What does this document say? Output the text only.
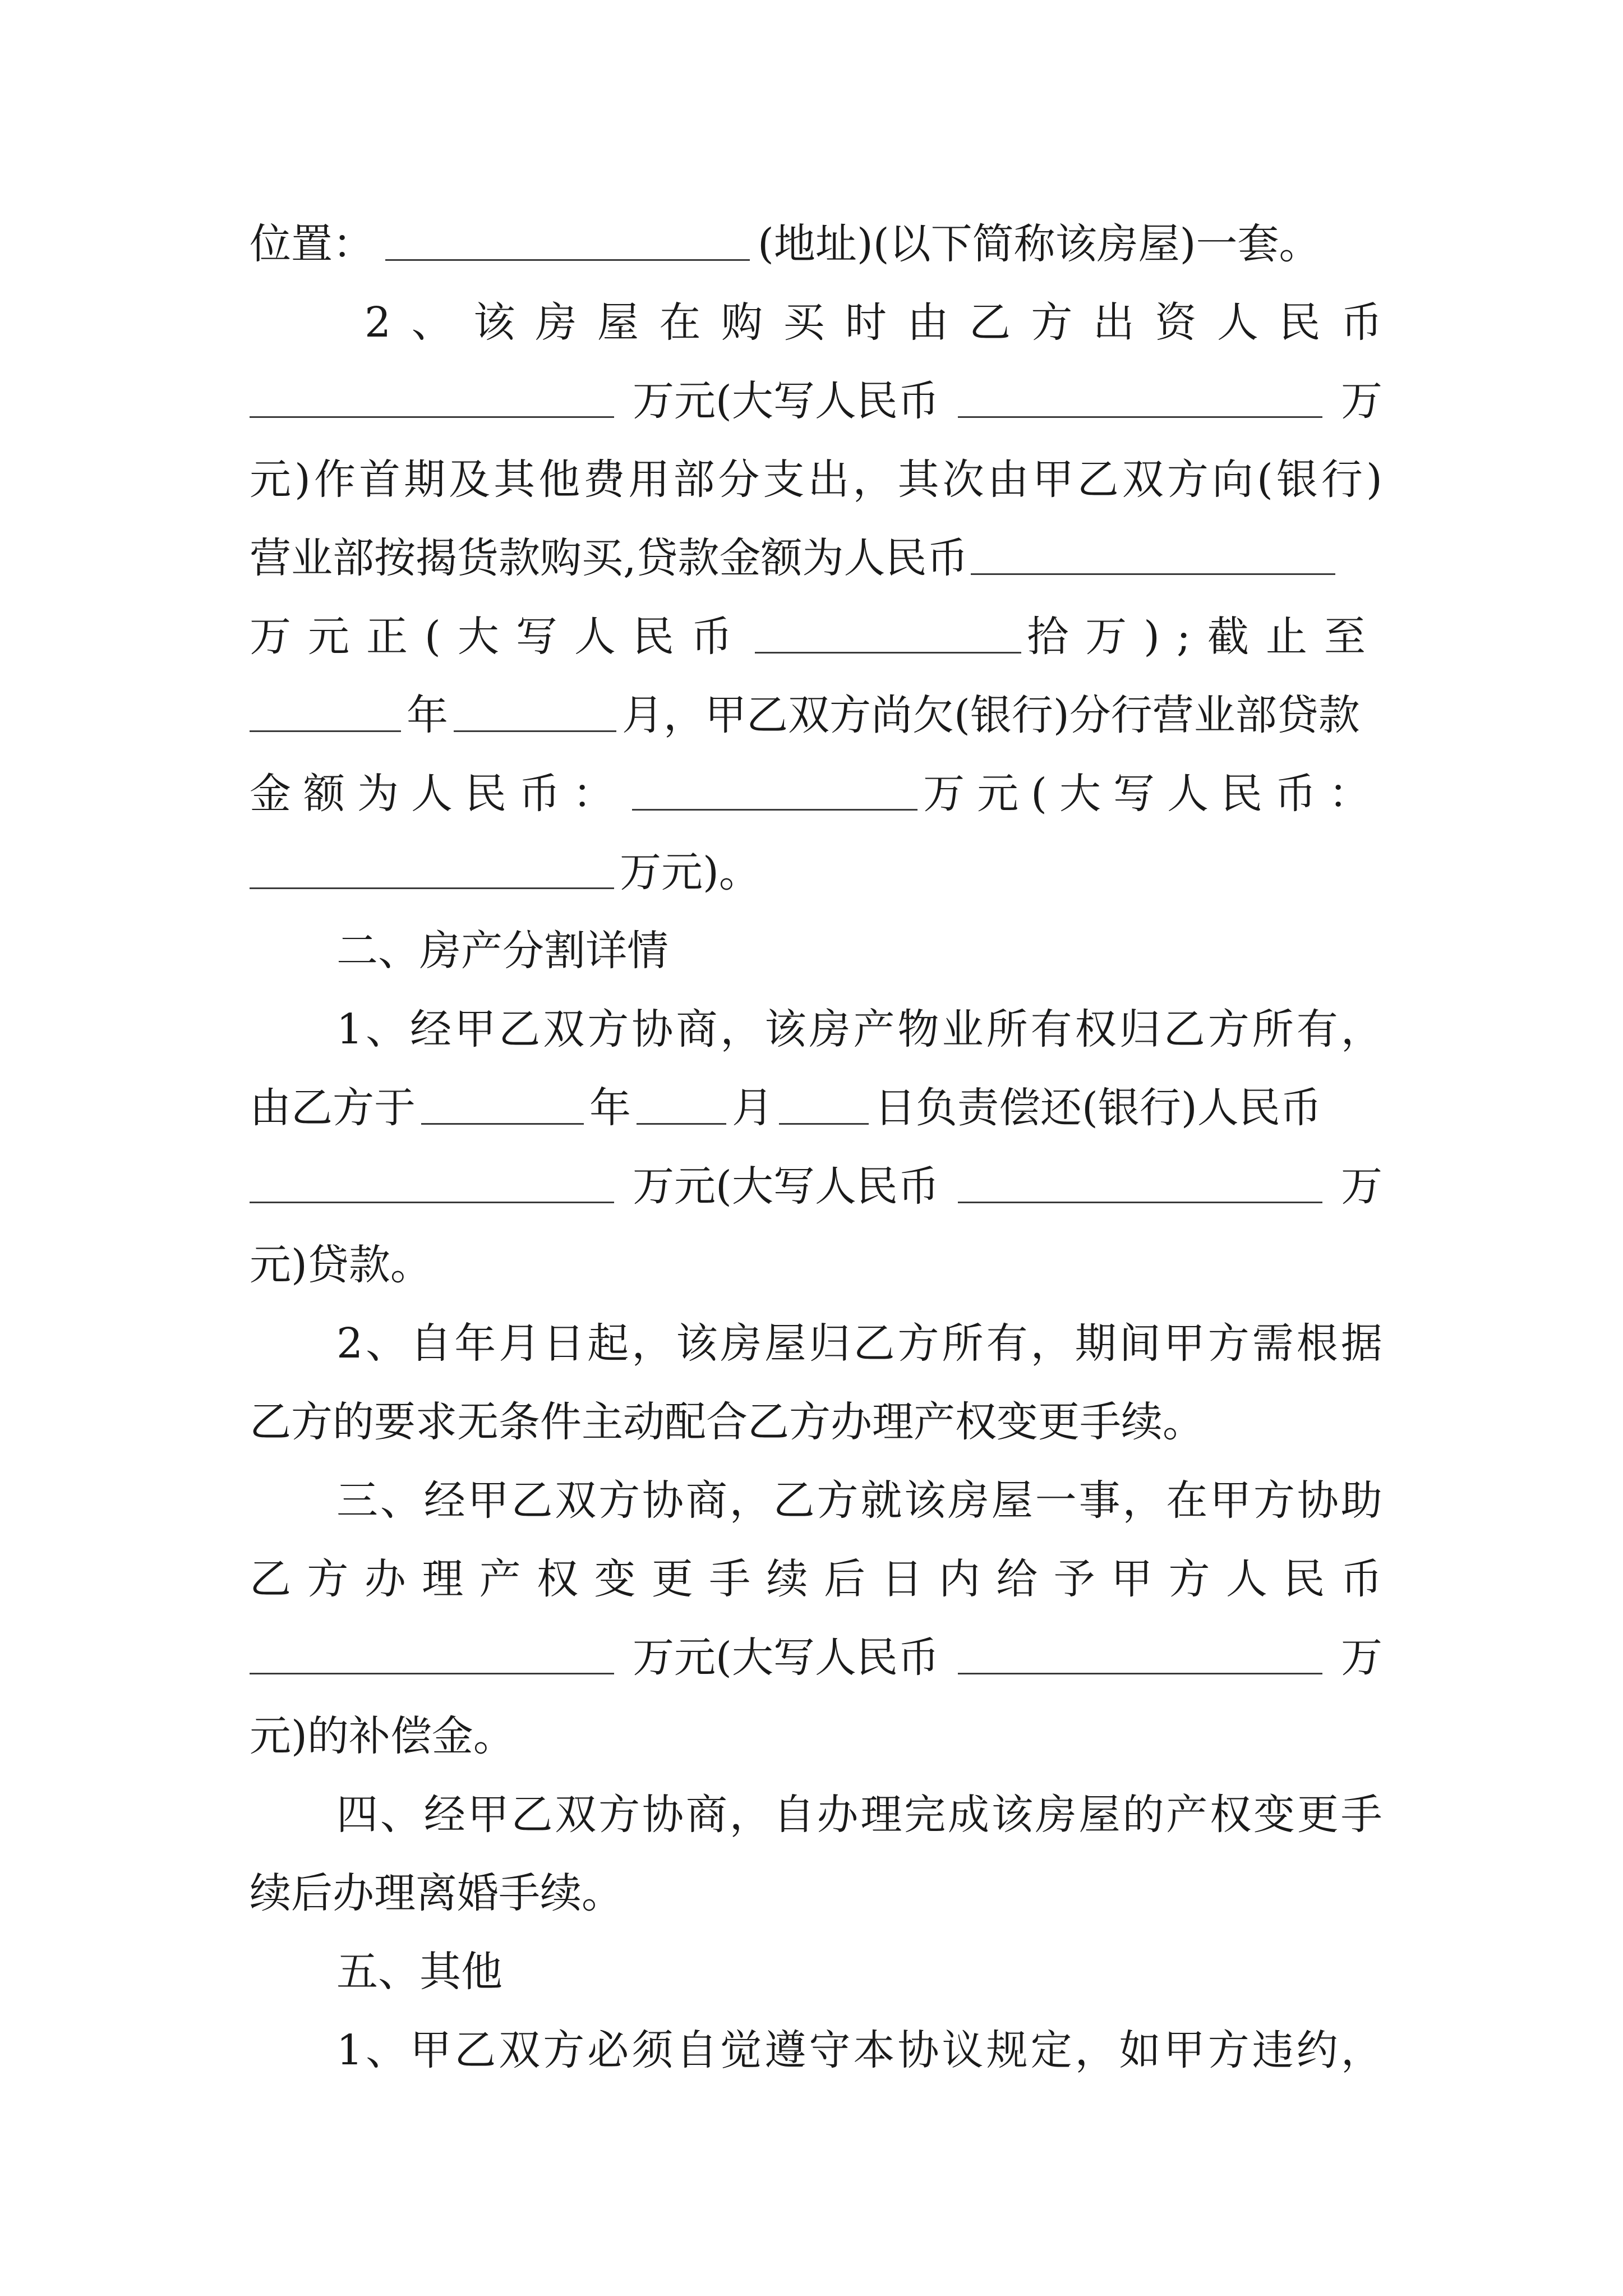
位置：	(地址)(以下简称该房屋)一套。
2 、 该 房 屋 在 购 买 时 由 乙 方 出 资 人 民 币
万元(大写人民币	万
元 ) 作 首 期 及 其 他 费 用 部 分 支 出 ， 其 次 由 甲 乙 双 方 向 ( 银 行 )
营业部按揭货款购买,贷款金额为人民币
万元正(大写人民币	拾万);截止至
年	月，甲乙双方尚欠(银行)分行营业部贷款
金额为人民币：	万元(大写人民币：
万元)。
二、房产分割详情
1 、 经 甲 乙 双 方 协 商 ， 该 房 产 物 业 所 有 权 归 乙 方 所 有 ，
由乙方于	年 月 日负责偿还(银行)人民币
万元(大写人民币	万
元)贷款。
2 、 自 年 月 日 起 ， 该 房 屋 归 乙 方 所 有 ， 期 间 甲 方 需 根 据
乙方的要求无条件主动配合乙方办理产权变更手续。
三 、 经 甲 乙 双 方 协 商 ， 乙 方 就 该 房 屋 一 事 ， 在 甲 方 协 助
乙 方 办 理 产 权 变 更 手 续 后 日 内 给 予 甲 方 人 民 币
万元(大写人民币	万
元)的补偿金。
四 、 经 甲 乙 双 方 协 商 ， 自 办 理 完 成 该 房 屋 的 产 权 变 更 手
续后办理离婚手续。
五、其他
1 、 甲 乙 双 方 必 须 自 觉 遵 守 本 协 议 规 定 ， 如 甲 方 违 约 ，
